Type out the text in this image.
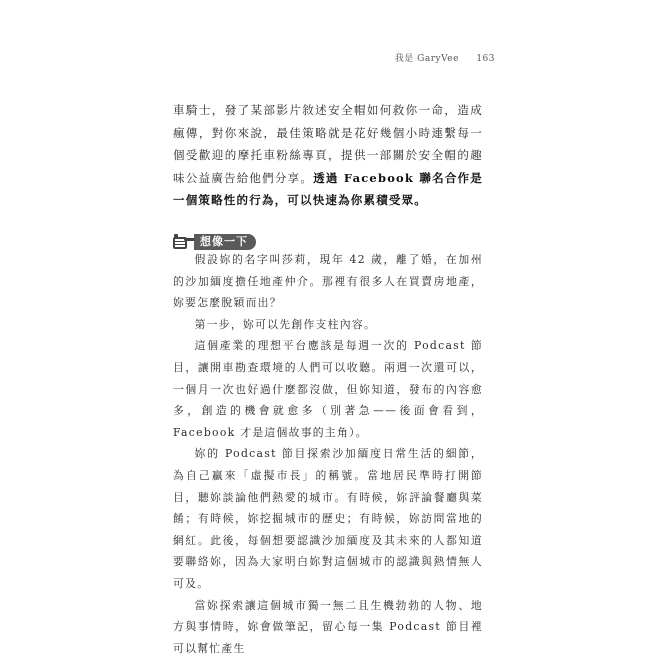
我是 GaryVee 163
車騎士，發了某部影片敘述安全帽如何救你一命，造成瘋傳，對你來說，最佳策略就是花好幾個小時連繫每一個受歡迎的摩托車粉絲專頁，提供一部關於安全帽的趣味公益廣告給他們分享。透過 Facebook 聯名合作是一個策略性的行為，可以快速為你累積受眾。
想像一下

假設妳的名字叫莎莉，現年 42 歲，離了婚，在加州的沙加緬度擔任地產仲介。那裡有很多人在買賣房地產，妳要怎麼脫穎而出？

第一步，妳可以先創作支柱內容。

這個產業的理想平台應該是每週一次的 Podcast 節目，讓開車勘查環境的人們可以收聽。兩週一次還可以，一個月一次也好過什麼都沒做，但妳知道，發布的內容愈多，創造的機會就愈多（別著急——後面會看到，Facebook 才是這個故事的主角）。

妳的 Podcast 節目探索沙加緬度日常生活的細節，為自己贏來「虛擬市長」的稱號。當地居民準時打開節目，聽妳談論他們熱愛的城市。有時候，妳評論餐廳與菜餚；有時候，妳挖掘城市的歷史；有時候，妳訪問當地的網紅。此後，每個想要認識沙加緬度及其未來的人都知道要聯絡妳，因為大家明白妳對這個城市的認識與熱情無人可及。

當妳探索讓這個城市獨一無二且生機勃勃的人物、地方與事情時，妳會做筆記，留心每一集 Podcast 節目裡可以幫忙產生
